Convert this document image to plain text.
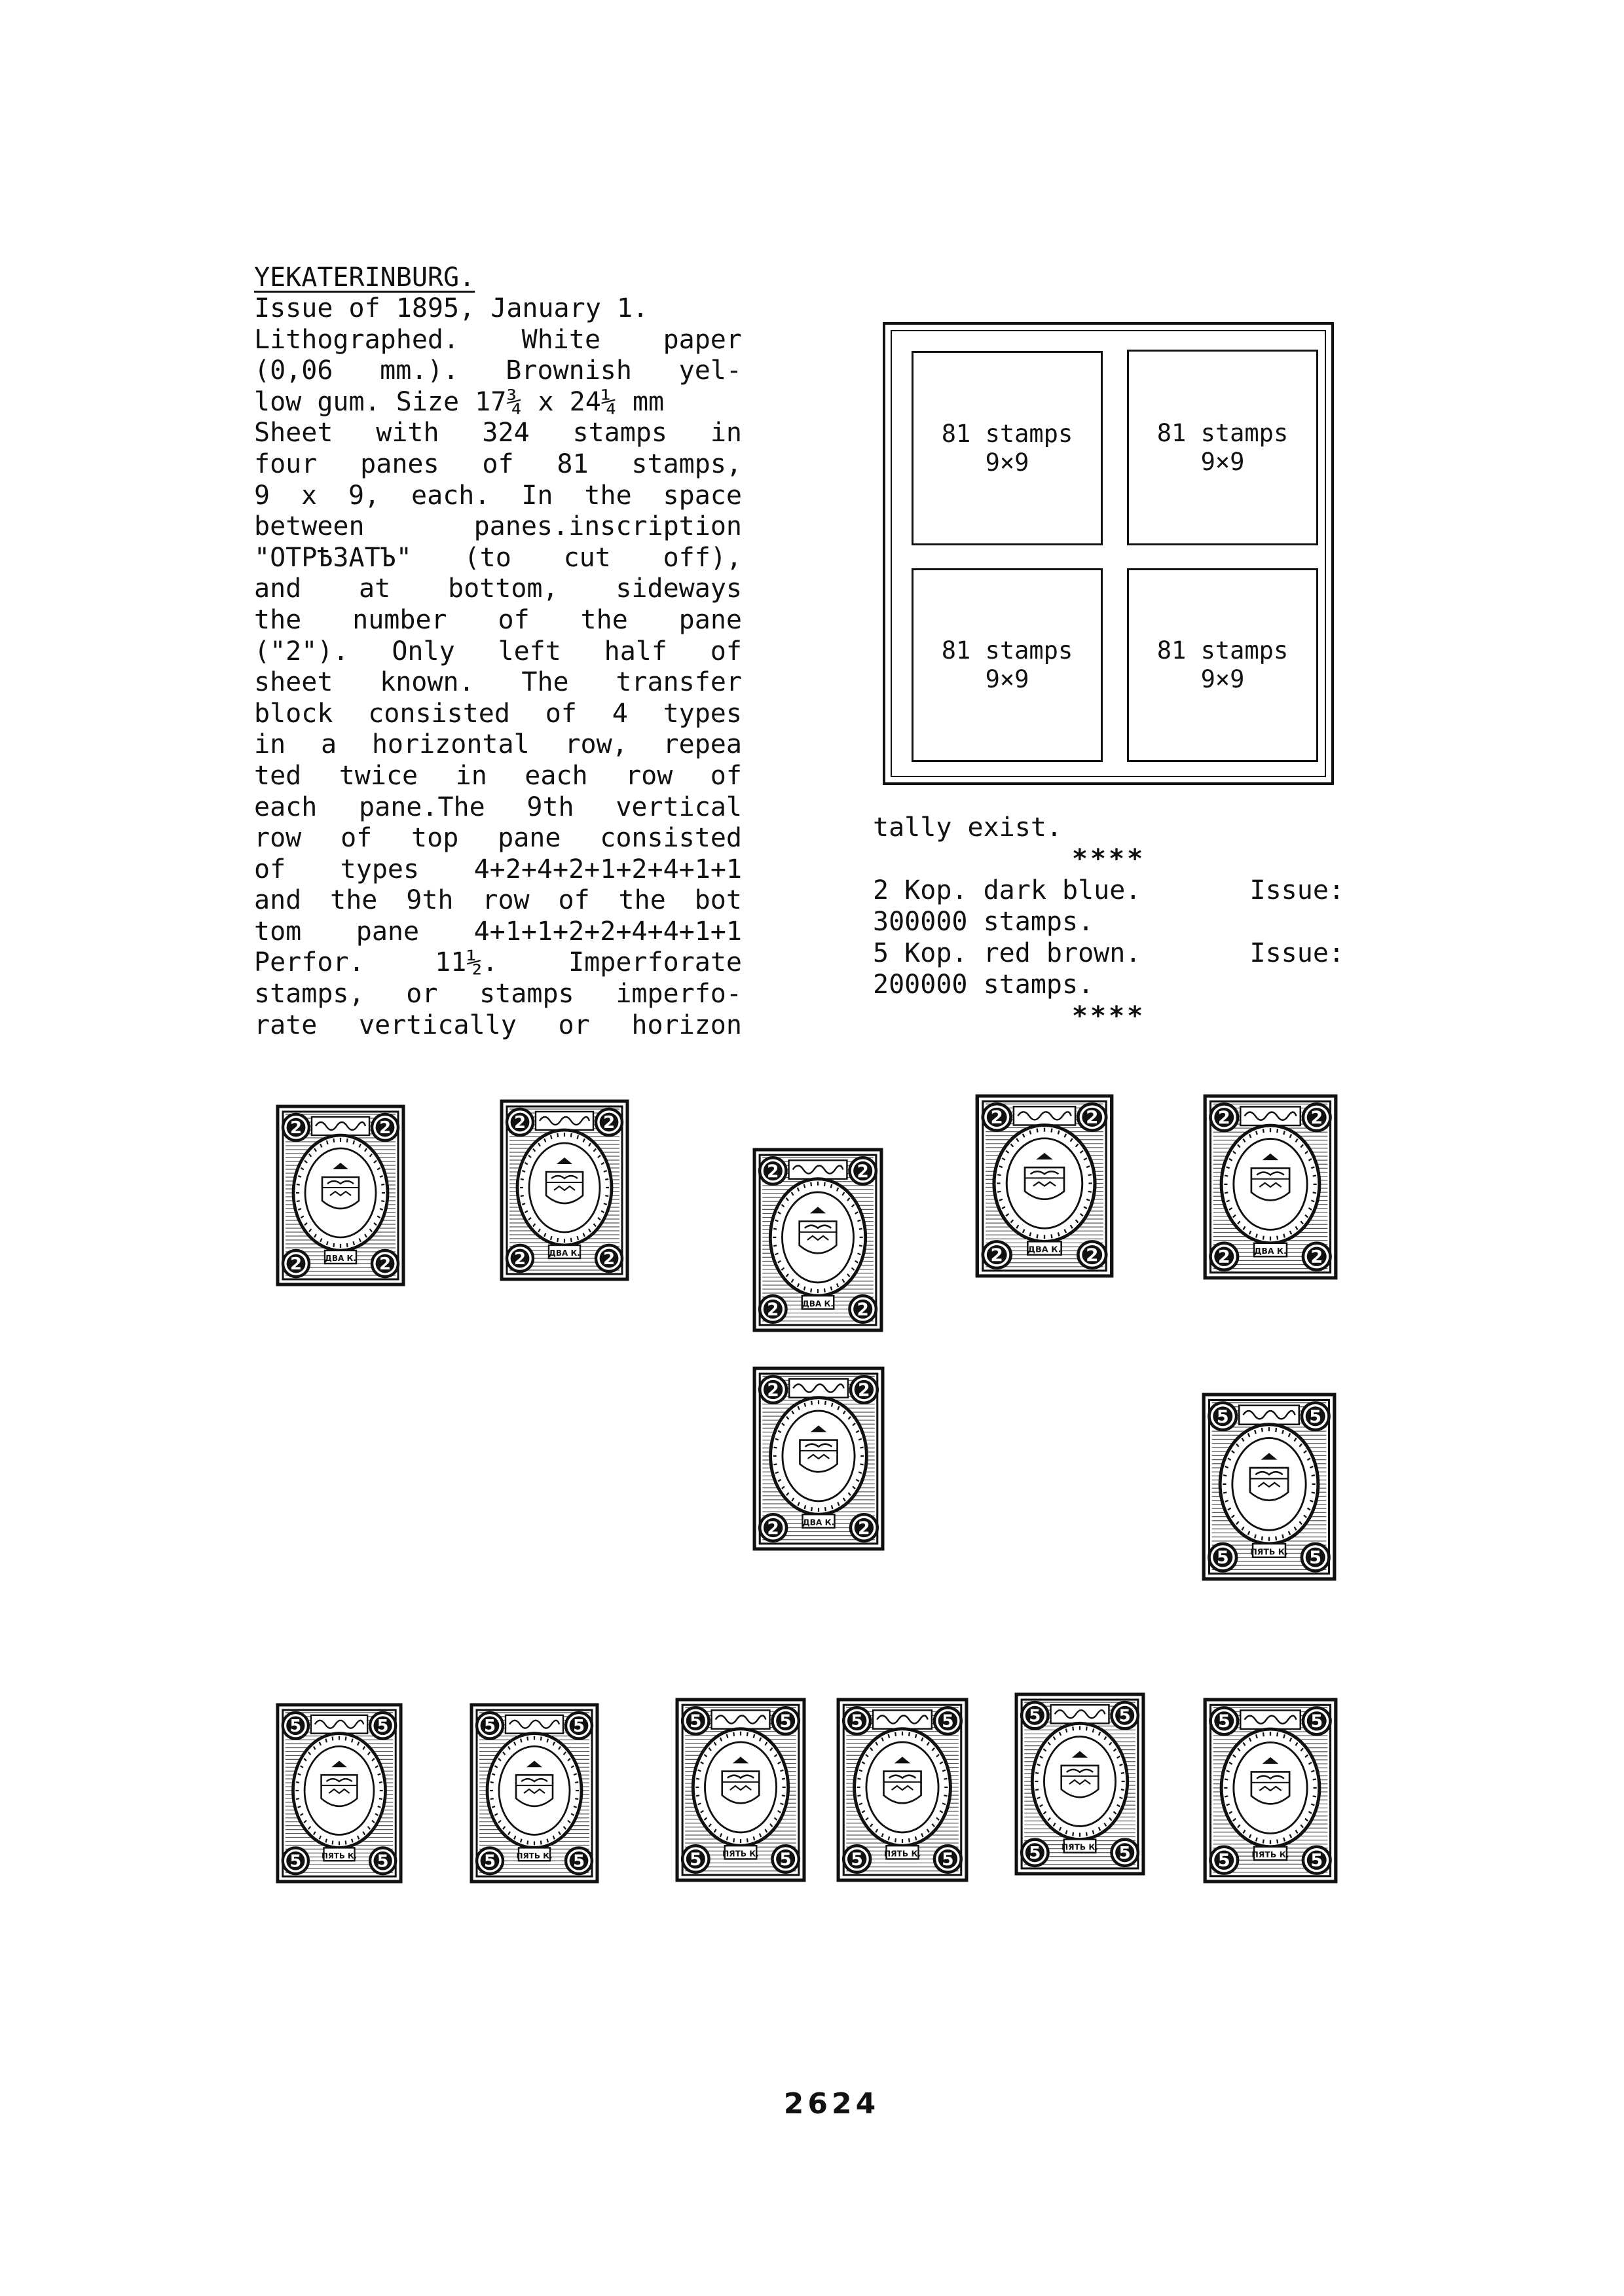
YEKATERINBURG.
Issue of 1895, January 1.
Lithographed. White paper
(0,06 mm.). Brownish yel-
low gum. Size 17¾ x 24¼ mm
Sheet with 324 stamps in
four panes of 81 stamps,
9 x 9, each. In the space
between	panes.inscription
"ОТРѢЗАТЪ" (to cut off),
and at bottom, sideways
the number of the pane
("2"). Only left half of
sheet known. The transfer
block consisted of 4 types
in a horizontal row, repea
ted twice in each row of
each pane.The 9th vertical
row of top pane consisted
of types 4+2+4+2+1+2+4+1+1
and the 9th row of the bot
tom pane 4+1+1+2+2+4+4+1+1
Perfor.	11½.	Imperforate
stamps, or stamps imperfo-
rate vertically or horizon
81 stamps
9×9
81 stamps
9×9
81 stamps
9×9
81 stamps
9×9
tally exist.
****
2 Kop. dark blue.	Issue:
300000 stamps.
5 Kop. red brown.	Issue:
200000 stamps.
****
2	2
2	2
ДВА К.
2	2
2	2
ДВА К.
2	2
2	2
ДВА К.
2	2
2	2
ДВА К.
2	2
2	2
ДВА К.
2	2
2	2
ДВА К.
5	5
5	5
ПЯТЬ К.
5	5
5	5
ПЯТЬ К.
5	5
5	5
ПЯТЬ К.
5	5
5	5
ПЯТЬ К.
5	5
5	5
ПЯТЬ К.
5	5
5	5
ПЯТЬ К.
5	5
5	5
ПЯТЬ К.
2624
